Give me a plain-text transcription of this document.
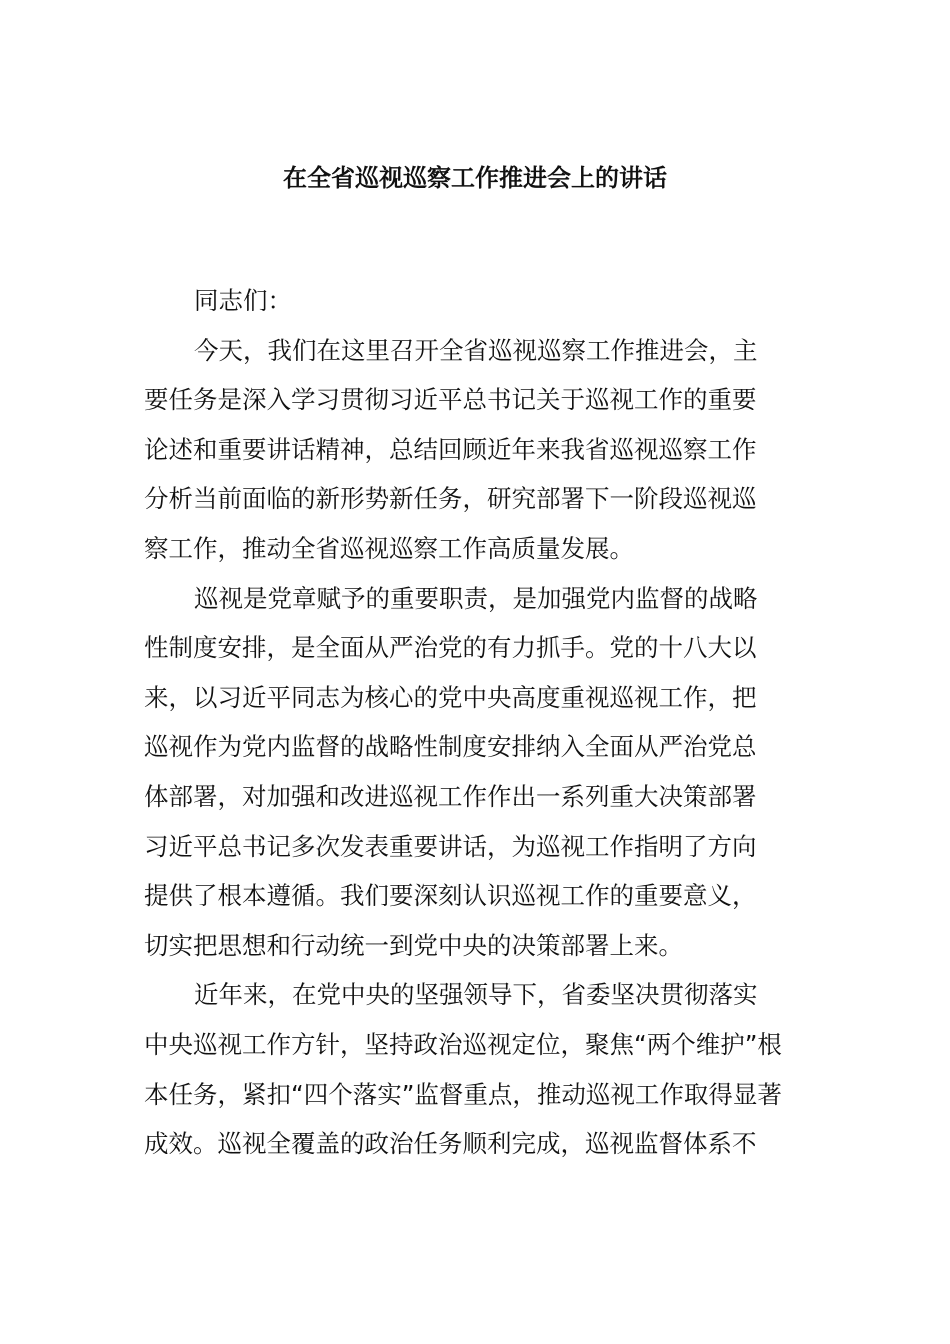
在全省巡视巡察工作推进会上的讲话

同志们：

今天，我们在这里召开全省巡视巡察工作推进会，主
要任务是深入学习贯彻习近平总书记关于巡视工作的重要
论述和重要讲话精神，总结回顾近年来我省巡视巡察工作
分析当前面临的新形势新任务，研究部署下一阶段巡视巡
察工作，推动全省巡视巡察工作高质量发展。

巡视是党章赋予的重要职责，是加强党内监督的战略
性制度安排，是全面从严治党的有力抓手。党的十八大以
来，以习近平同志为核心的党中央高度重视巡视工作，把
巡视作为党内监督的战略性制度安排纳入全面从严治党总
体部署，对加强和改进巡视工作作出一系列重大决策部署
习近平总书记多次发表重要讲话，为巡视工作指明了方向
提供了根本遵循。我们要深刻认识巡视工作的重要意义，
切实把思想和行动统一到党中央的决策部署上来。

近年来，在党中央的坚强领导下，省委坚决贯彻落实
中央巡视工作方针，坚持政治巡视定位，聚焦“两个维护”根
本任务，紧扣“四个落实”监督重点，推动巡视工作取得显著
成效。巡视全覆盖的政治任务顺利完成，巡视监督体系不
